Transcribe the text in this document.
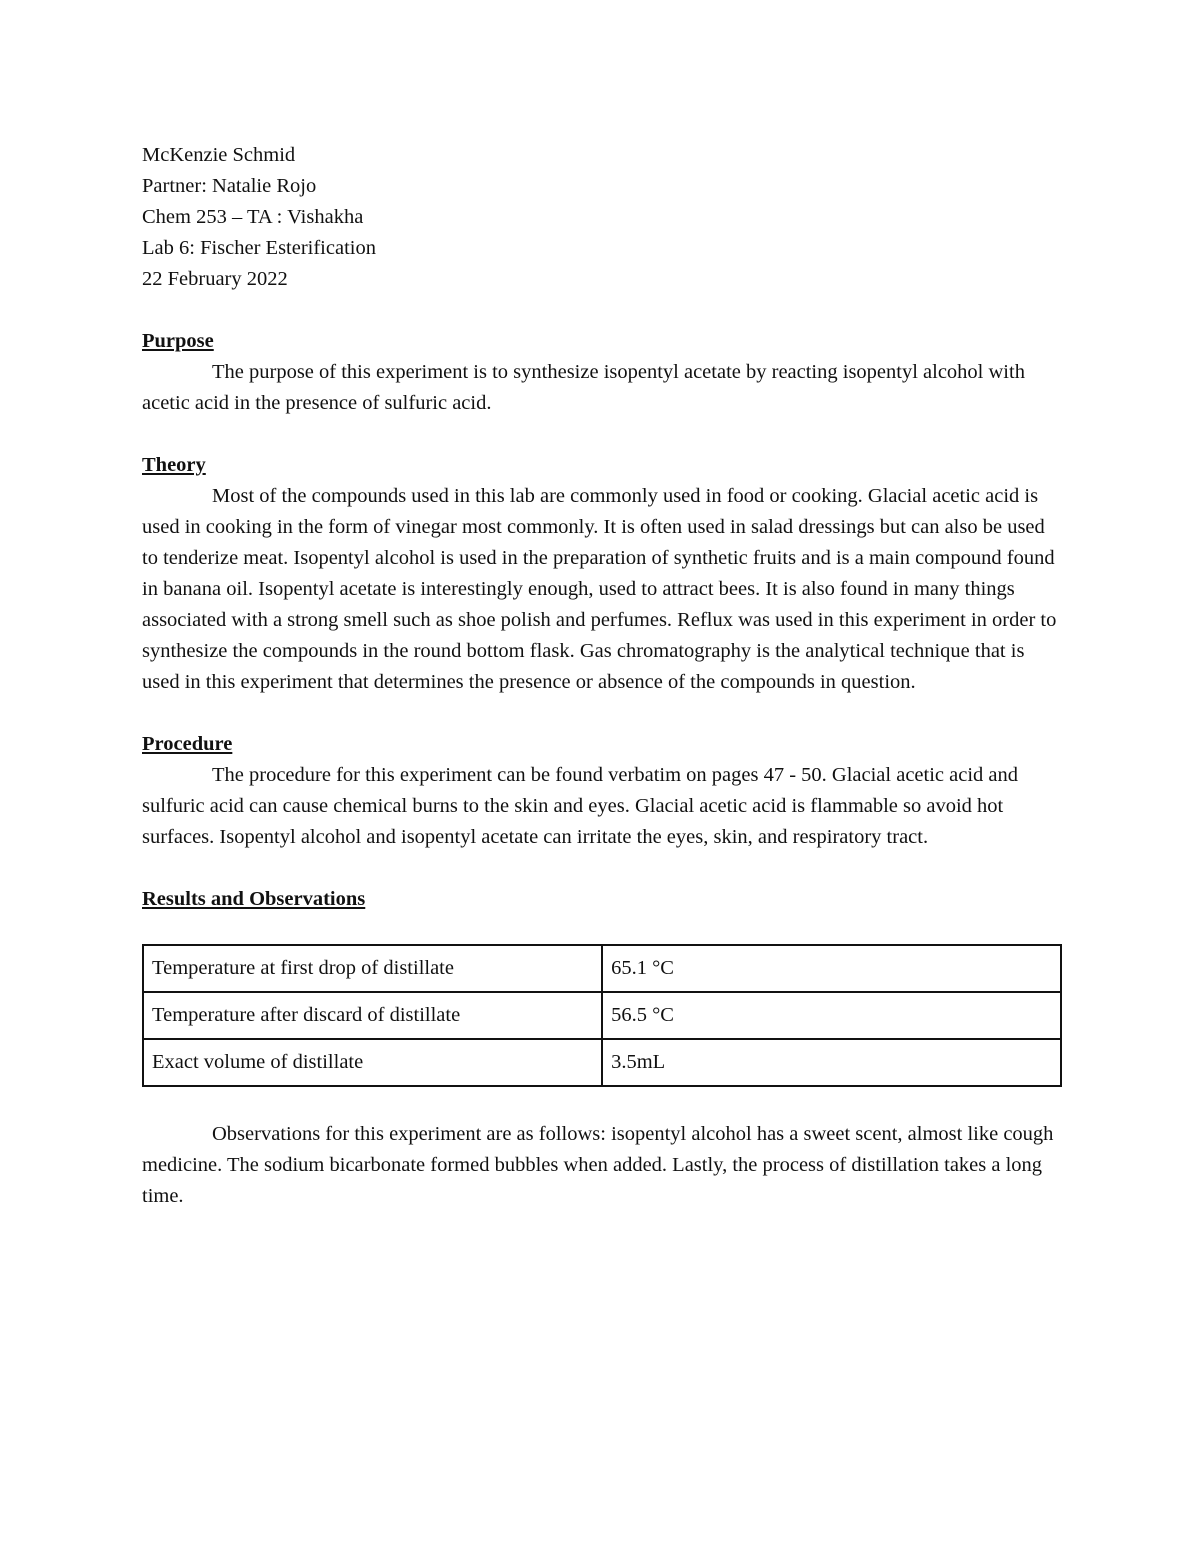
McKenzie Schmid
Partner: Natalie Rojo
Chem 253 – TA : Vishakha
Lab 6: Fischer Esterification
22 February 2022
Purpose

The purpose of this experiment is to synthesize isopentyl acetate by reacting isopentyl alcohol with acetic acid in the presence of sulfuric acid.

Theory

Most of the compounds used in this lab are commonly used in food or cooking. Glacial acetic acid is used in cooking in the form of vinegar most commonly. It is often used in salad dressings but can also be used to tenderize meat. Isopentyl alcohol is used in the preparation of synthetic fruits and is a main compound found in banana oil. Isopentyl acetate is interestingly enough, used to attract bees. It is also found in many things associated with a strong smell such as shoe polish and perfumes. Reflux was used in this experiment in order to synthesize the compounds in the round bottom flask. Gas chromatography is the analytical technique that is used in this experiment that determines the presence or absence of the compounds in question.

Procedure

The procedure for this experiment can be found verbatim on pages 47 - 50. Glacial acetic acid and sulfuric acid can cause chemical burns to the skin and eyes. Glacial acetic acid is flammable so avoid hot surfaces. Isopentyl alcohol and isopentyl acetate can irritate the eyes, skin, and respiratory tract.

Results and Observations
Temperature at first drop of distillate	65.1 °C
Temperature after discard of distillate	56.5 °C
Exact volume of distillate	3.5mL

Observations for this experiment are as follows: isopentyl alcohol has a sweet scent, almost like cough medicine. The sodium bicarbonate formed bubbles when added. Lastly, the process of distillation takes a long time.
